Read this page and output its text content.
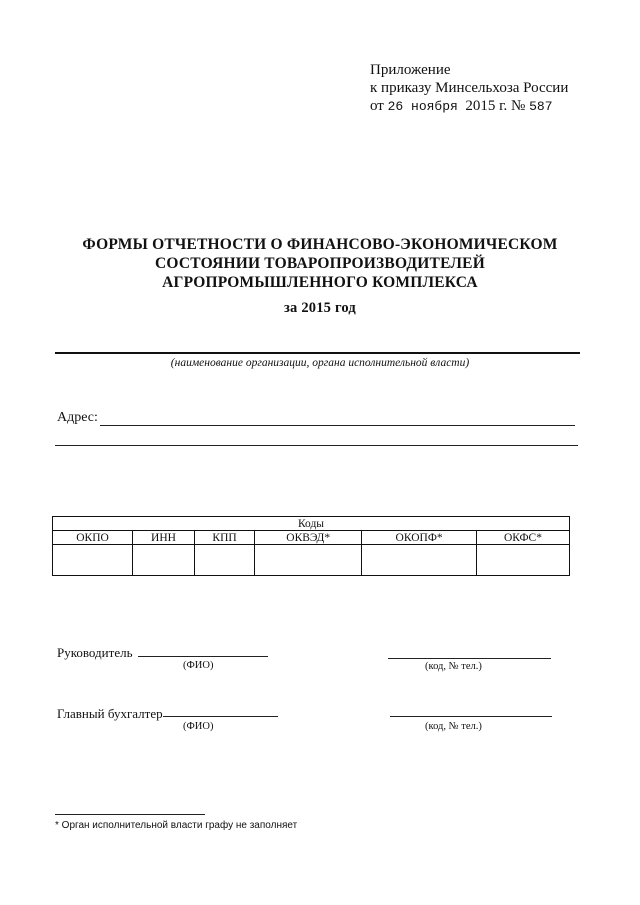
Приложение
к приказу Минсельхоза России
от 26 ноября 2015 г. № 587
ФОРМЫ ОТЧЕТНОСТИ О ФИНАНСОВО-ЭКОНОМИЧЕСКОМ
СОСТОЯНИИ ТОВАРОПРОИЗВОДИТЕЛЕЙ
АГРОПРОМЫШЛЕННОГО КОМПЛЕКСА
за 2015 год
(наименование организации, органа исполнительной власти)
Адрес:
Коды					
ОКПО	ИНН	КПП	ОКВЭД*	ОКОПФ*	ОКФС*

Руководитель
(ФИО)	(код, № тел.)
Главный бухгалтер
(ФИО)	(код, № тел.)
* Орган исполнительной власти графу не заполняет
